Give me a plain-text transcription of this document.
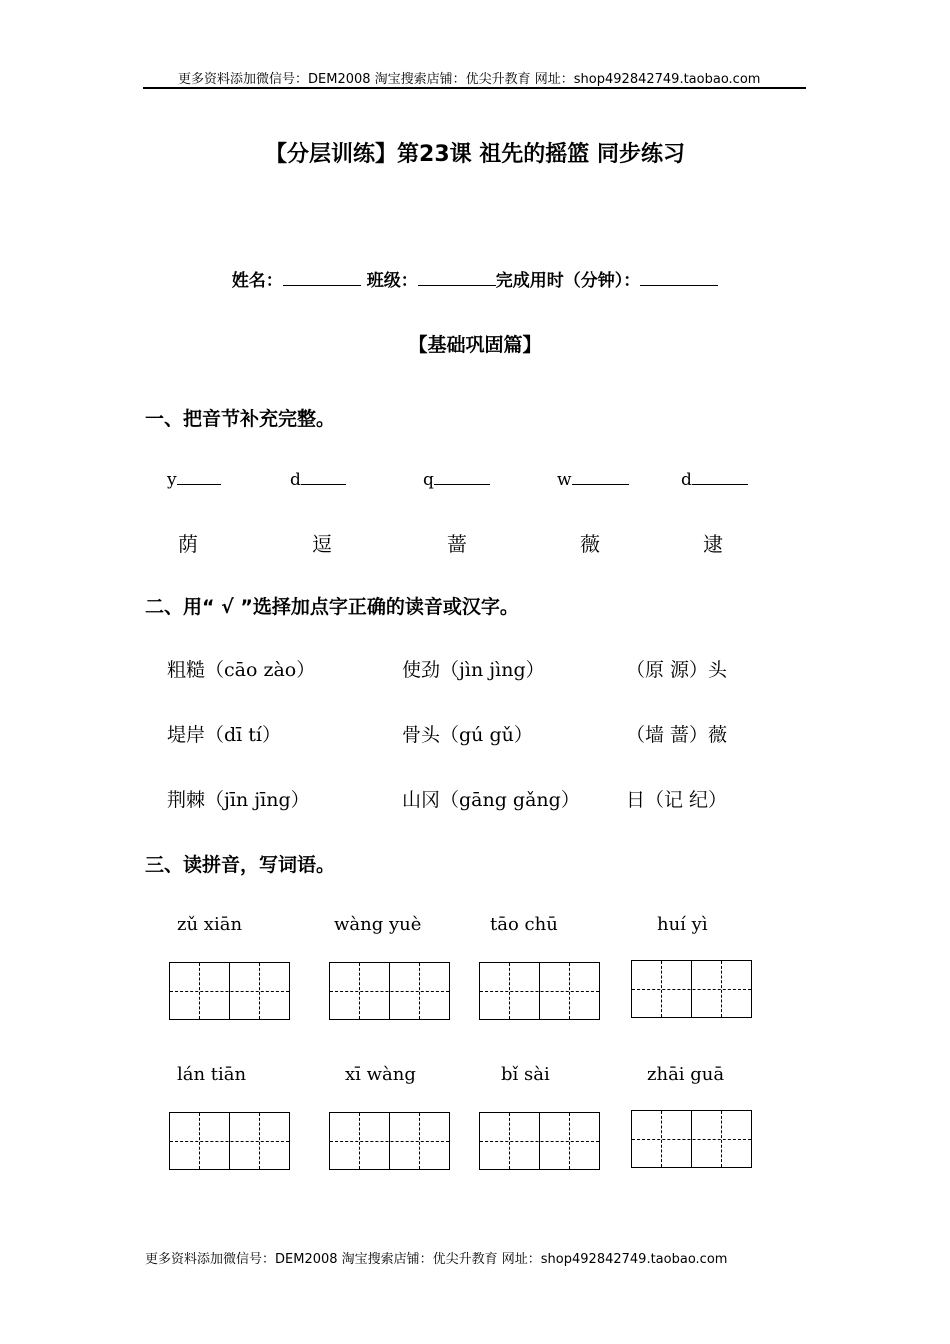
更多资料添加微信号：DEM2008 淘宝搜索店铺：优尖升教育 网址：shop492842749.taobao.com
【分层训练】第23课 祖先的摇篮 同步练习
姓名：	班级：	完成用时（分钟）：
【基础巩固篇】
一、把音节补充完整。
y	d	q	w	d
荫	逗	蔷	薇	逮
二、用“ √ ”选择加点字正确的读音或汉字。
粗糙（cāo zào）	使劲（jìn jìng）	（原 源）头
堤岸（dī tí）	骨头（gú gǔ）	（墙 蔷）薇
荆棘（jīn jīng）	山冈（gāng gǎng） 日（记 纪）
三、读拼音，写词语。
zǔ xiān	wàng yuè	tāo chū	huí yì
lán tiān	xī wàng	bǐ sài	zhāi guā
更多资料添加微信号：DEM2008 淘宝搜索店铺：优尖升教育 网址：shop492842749.taobao.com
